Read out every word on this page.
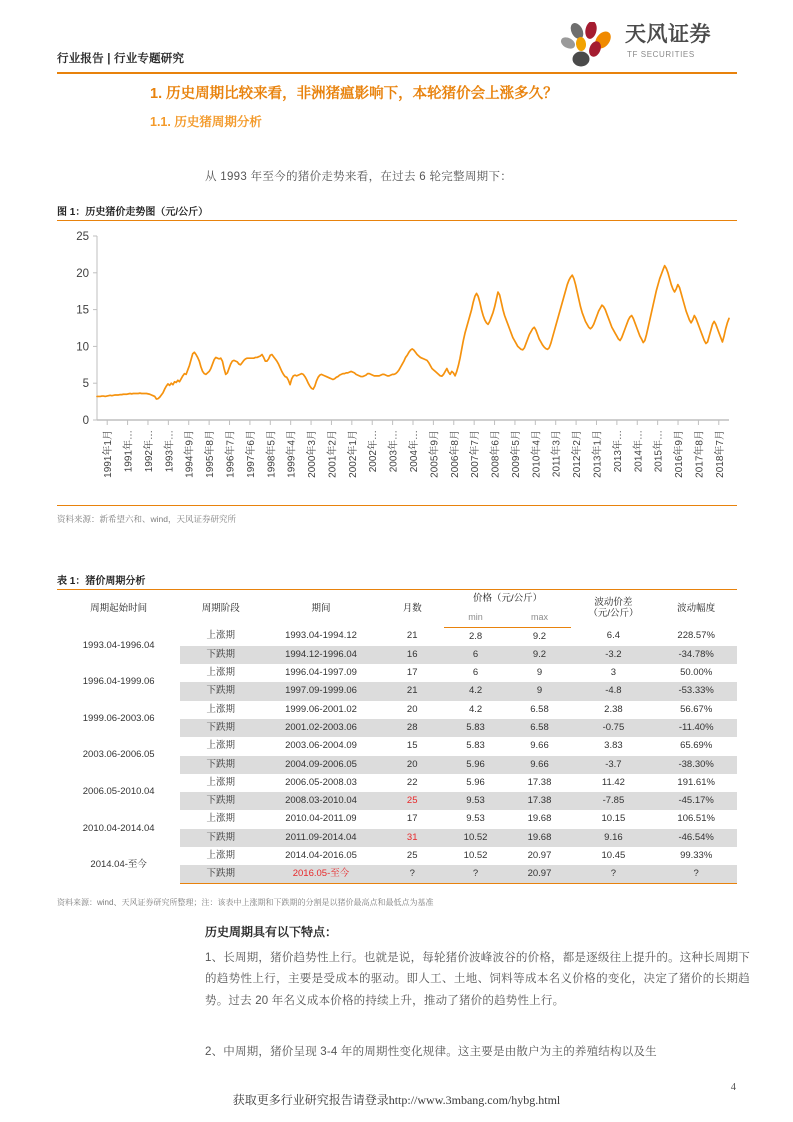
行业报告 | 行业专题研究
天风证券
TF SECURITIES
1. 历史周期比较来看，非洲猪瘟影响下，本轮猪价会上涨多久？
1.1. 历史猪周期分析
从 1993 年至今的猪价走势来看，在过去 6 轮完整周期下：
图 1：历史猪价走势图（元/公斤）
0
5
10
15
20
25
1991年1月 1991年… 1992年… 1993年… 1994年9月 1995年8月 1996年7月 1997年6月 1998年5月 1999年4月 2000年3月 2001年2月 2002年1月 2002年… 2003年… 2004年… 2005年9月 2006年8月 2007年7月 2008年6月 2009年5月 2010年4月 2011年3月 2012年2月 2013年1月 2013年… 2014年… 2015年… 2016年9月 2017年8月 2018年7月
资料来源：新希望六和、wind，天风证券研究所
表 1：猪价周期分析
周期起始时间	周期阶段	期间	月数	价格（元/公斤）		波动价差
（元/公斤）	波动幅度
				min	max		
1993.04-1996.04	上涨期	1993.04-1994.12	21	2.8	9.2	6.4	228.57%
	下跌期	1994.12-1996.04	16	6	9.2	-3.2	-34.78%
1996.04-1999.06	上涨期	1996.04-1997.09	17	6	9	3	50.00%
	下跌期	1997.09-1999.06	21	4.2	9	-4.8	-53.33%
1999.06-2003.06	上涨期	1999.06-2001.02	20	4.2	6.58	2.38	56.67%
	下跌期	2001.02-2003.06	28	5.83	6.58	-0.75	-11.40%
2003.06-2006.05	上涨期	2003.06-2004.09	15	5.83	9.66	3.83	65.69%
	下跌期	2004.09-2006.05	20	5.96	9.66	-3.7	-38.30%
2006.05-2010.04	上涨期	2006.05-2008.03	22	5.96	17.38	11.42	191.61%
	下跌期	2008.03-2010.04	25	9.53	17.38	-7.85	-45.17%
2010.04-2014.04	上涨期	2010.04-2011.09	17	9.53	19.68	10.15	106.51%
	下跌期	2011.09-2014.04	31	10.52	19.68	9.16	-46.54%
2014.04-至今	上涨期	2014.04-2016.05	25	10.52	20.97	10.45	99.33%
	下跌期	2016.05-至今	?	?	20.97	?	?
资料来源：wind、天风证券研究所整理；注：该表中上涨期和下跌期的分割是以猪价最高点和最低点为基准
历史周期具有以下特点：
1、长周期，猪价趋势性上行。也就是说，每轮猪价波峰波谷的价格，都是逐级往上提升的。这种长周期下的趋势性上行，主要是受成本的驱动。即人工、土地、饲料等成本名义价格的变化，决定了猪价的长期趋势。过去 20 年名义成本价格的持续上升，推动了猪价的趋势性上行。
2、中周期，猪价呈现 3-4 年的周期性变化规律。这主要是由散户为主的养殖结构以及生
4
获取更多行业研究报告请登录http://www.3mbang.com/hybg.html
